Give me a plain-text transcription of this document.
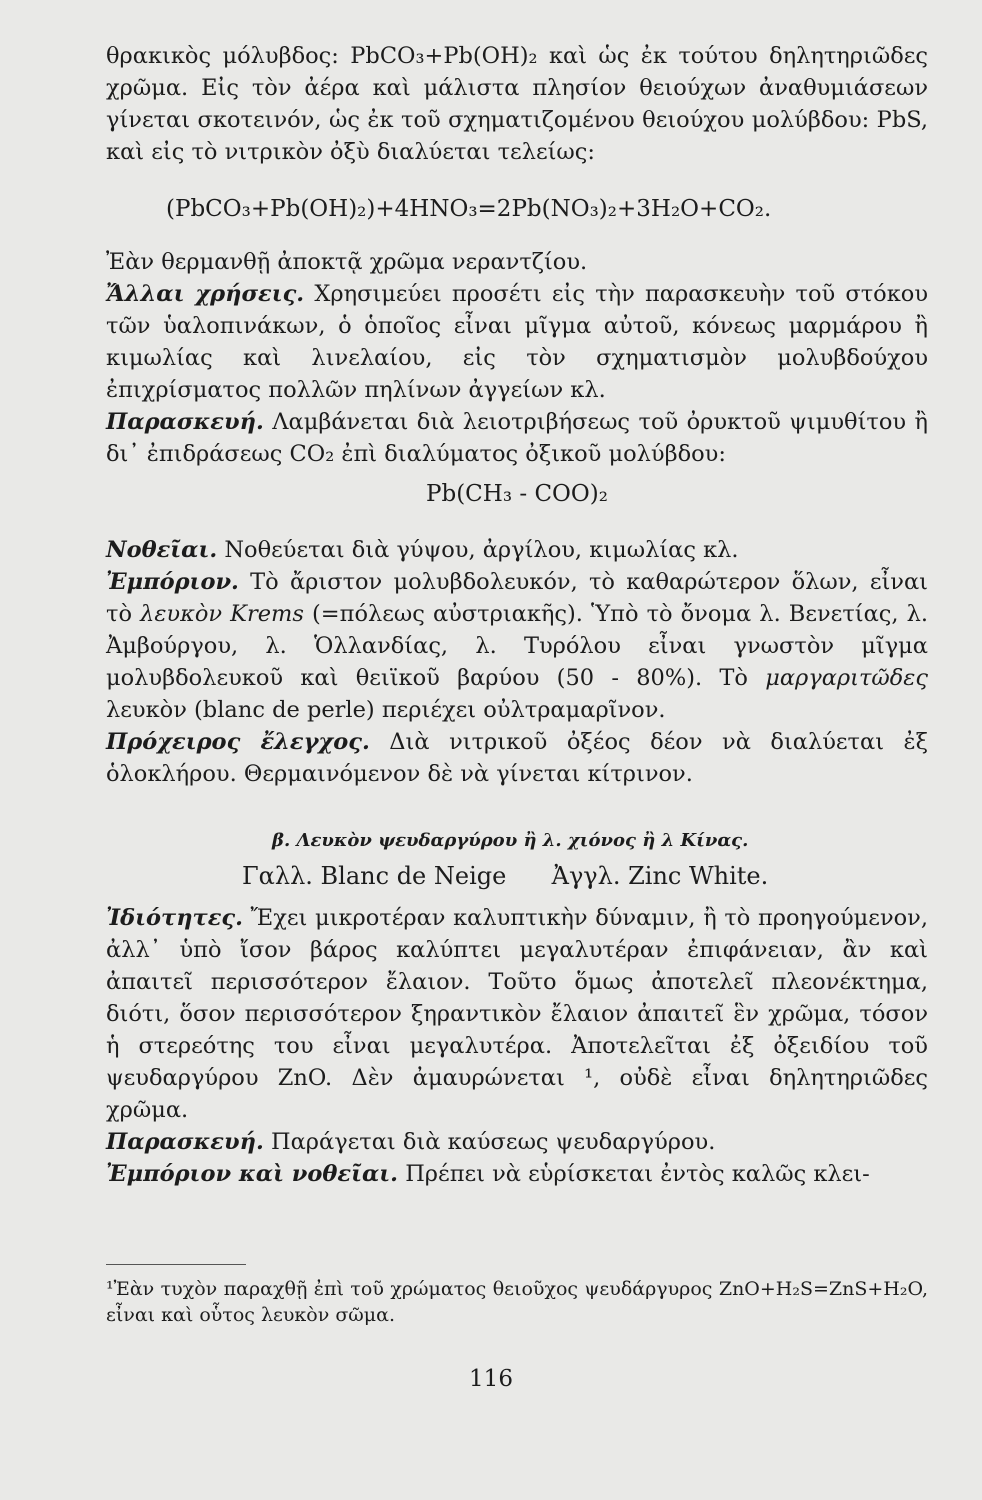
θρακικὸς μόλυβδος: PbCO₃+Pb(OH)₂ καὶ ὡς ἐκ τούτου δηλητηριῶδες χρῶμα. Εἰς τὸν ἀέρα καὶ μάλιστα πλησίον θειούχων ἀναθυμιάσεων γίνεται σκοτεινόν, ὡς ἐκ τοῦ σχηματιζομένου θειούχου μολύβδου: PbS, καὶ εἰς τὸ νιτρικὸν ὀξὺ διαλύεται τελείως:

(PbCO₃+Pb(OH)₂)+4HNO₃=2Pb(NO₃)₂+3H₂O+CO₂.

Ἐὰν θερμανθῇ ἀποκτᾷ χρῶμα νεραντζίου.

Ἄλλαι χρήσεις. Χρησιμεύει προσέτι εἰς τὴν παρασκευὴν τοῦ στόκου τῶν ὑαλοπινάκων, ὁ ὁποῖος εἶναι μῖγμα αὐτοῦ, κόνεως μαρμάρου ἢ κιμωλίας καὶ λινελαίου, εἰς τὸν σχηματισμὸν μολυβδούχου ἐπιχρίσματος πολλῶν πηλίνων ἀγγείων κλ.

Παρασκευή. Λαμβάνεται διὰ λειοτριβήσεως τοῦ ὀρυκτοῦ ψιμυθίτου ἢ δι᾽ ἐπιδράσεως CO₂ ἐπὶ διαλύματος ὀξικοῦ μολύβδου:

Pb(CH₃ - COO)₂

Νοθεῖαι. Νοθεύεται διὰ γύψου, ἀργίλου, κιμωλίας κλ.

Ἐμπόριον. Τὸ ἄριστον μολυβδολευκόν, τὸ καθαρώτερον ὅλων, εἶναι τὸ λευκὸν Krems (=πόλεως αὐστριακῆς). Ὑπὸ τὸ ὄνομα λ. Βενετίας, λ. Ἀμβούργου, λ. Ὁλλανδίας, λ. Τυρόλου εἶναι γνωστὸν μῖγμα μολυβδολευκοῦ καὶ θειϊκοῦ βαρύου (50 - 80%). Τὸ μαργαριτῶδες λευκὸν (blanc de perle) περιέχει οὐλτραμαρῖνον.

Πρόχειρος ἔλεγχος. Διὰ νιτρικοῦ ὀξέος δέον νὰ διαλύεται ἐξ ὁλοκλήρου. Θερμαινόμενον δὲ νὰ γίνεται κίτρινον.

β. Λευκὸν ψευδαργύρου ἢ λ. χιόνος ἢ λ Κίνας.
Γαλλ. Blanc de Neige Ἀγγλ. Zinc White.

Ἰδιότητες. Ἔχει μικροτέραν καλυπτικὴν δύναμιν, ἢ τὸ προηγούμενον, ἀλλ᾽ ὑπὸ ἴσον βάρος καλύπτει μεγαλυτέραν ἐπιφάνειαν, ἂν καὶ ἀπαιτεῖ περισσότερον ἔλαιον. Τοῦτο ὅμως ἀποτελεῖ πλεονέκτημα, διότι, ὅσον περισσότερον ξηραντικὸν ἔλαιον ἀπαιτεῖ ἓν χρῶμα, τόσον ἡ στερεότης του εἶναι μεγαλυτέρα. Ἀποτελεῖται ἐξ ὀξειδίου τοῦ ψευδαργύρου ZnO. Δὲν ἀμαυρώνεται ¹, οὐδὲ εἶναι δηλητηριῶδες χρῶμα.

Παρασκευή. Παράγεται διὰ καύσεως ψευδαργύρου.

Ἐμπόριον καὶ νοθεῖαι. Πρέπει νὰ εὑρίσκεται ἐντὸς καλῶς κλει-

¹Ἐὰν τυχὸν παραχθῇ ἐπὶ τοῦ χρώματος θειοῦχος ψευδάργυρος ZnO+H₂S=ZnS+H₂O, εἶναι καὶ οὗτος λευκὸν σῶμα.

116
